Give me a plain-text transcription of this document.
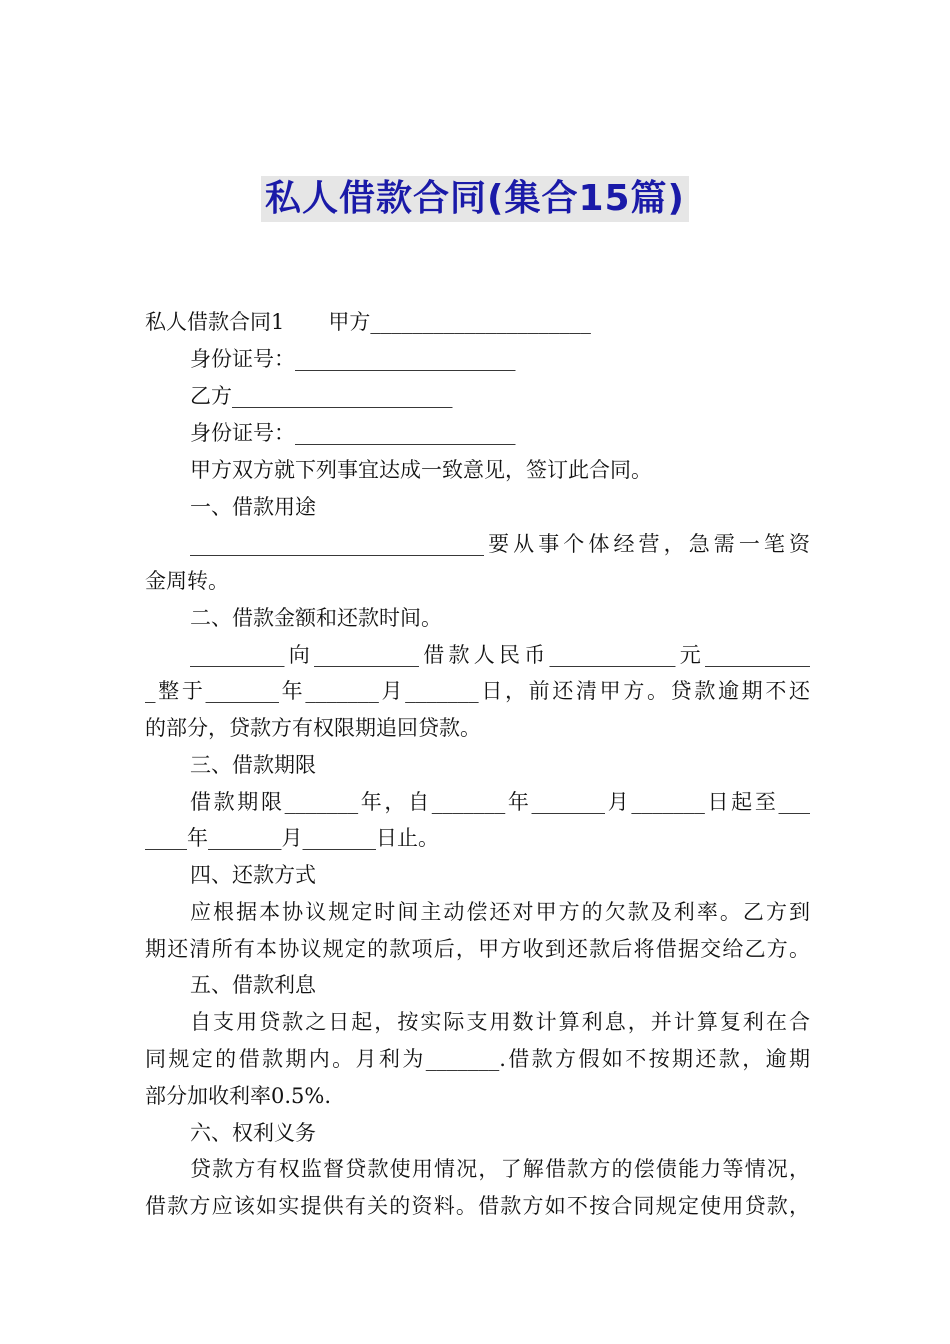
私人借款合同(集合15篇)
私人借款合同1 甲方_____________________
身份证号：_____________________
乙方_____________________
身份证号：_____________________
甲方双方就下列事宜达成一致意见，签订此合同。
一、借款用途
____________________________要从事个体经营，急需一笔资
金周转。
二、借款金额和还款时间。
_________向__________借款人民币____________元__________
_整于_______年_______月_______日，前还清甲方。贷款逾期不还
的部分，贷款方有权限期追回贷款。
三、借款期限
借款期限_______年，自_______年_______月_______日起至___
____年_______月_______日止。
四、还款方式
应根据本协议规定时间主动偿还对甲方的欠款及利率。乙方到
期还清所有本协议规定的款项后，甲方收到还款后将借据交给乙方。
五、借款利息
自支用贷款之日起，按实际支用数计算利息，并计算复利在合
同规定的借款期内。月利为_______.借款方假如不按期还款，逾期
部分加收利率0.5%.
六、权利义务
贷款方有权监督贷款使用情况，了解借款方的偿债能力等情况，
借款方应该如实提供有关的资料。借款方如不按合同规定使用贷款，
